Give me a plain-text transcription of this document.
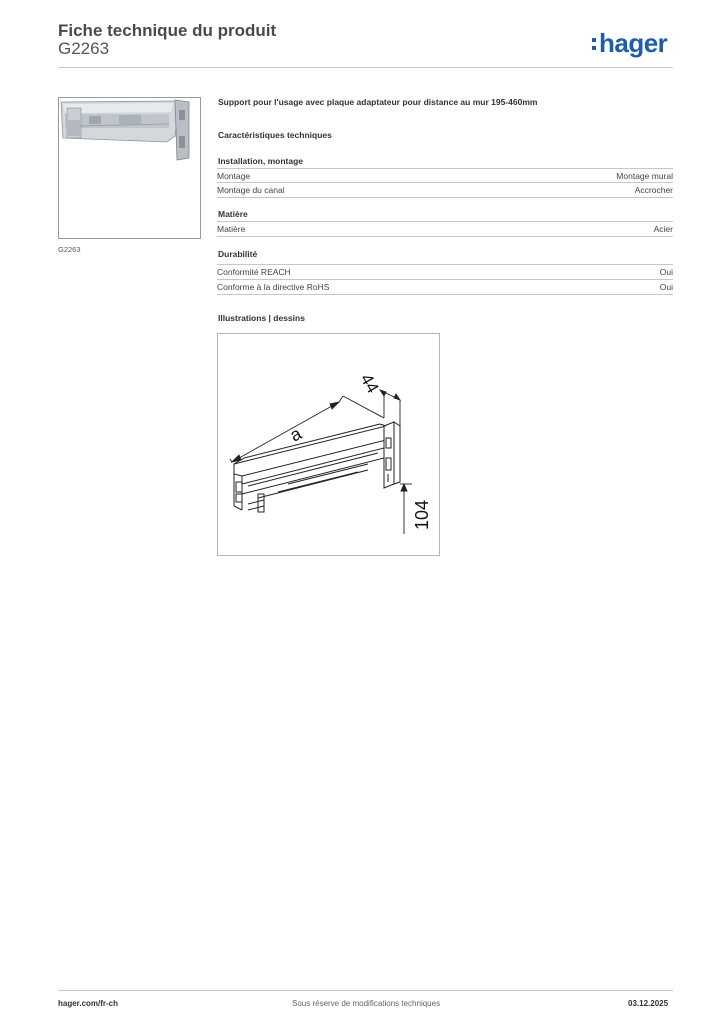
Fiche technique du produit
G2263	hager
G2263
Support pour l'usage avec plaque adaptateur pour distance au mur 195-460mm
Caractéristiques techniques
Installation, montage
Montage	Montage mural
Montage du canal	Accrocher
Matière
Matière	Acier
Durabilité
Conformité REACH	Oui
Conforme à la directive RoHS	Oui
Illustrations | dessins
a
44
104
hager.com/fr-ch	Sous réserve de modifications techniques	03.12.2025
